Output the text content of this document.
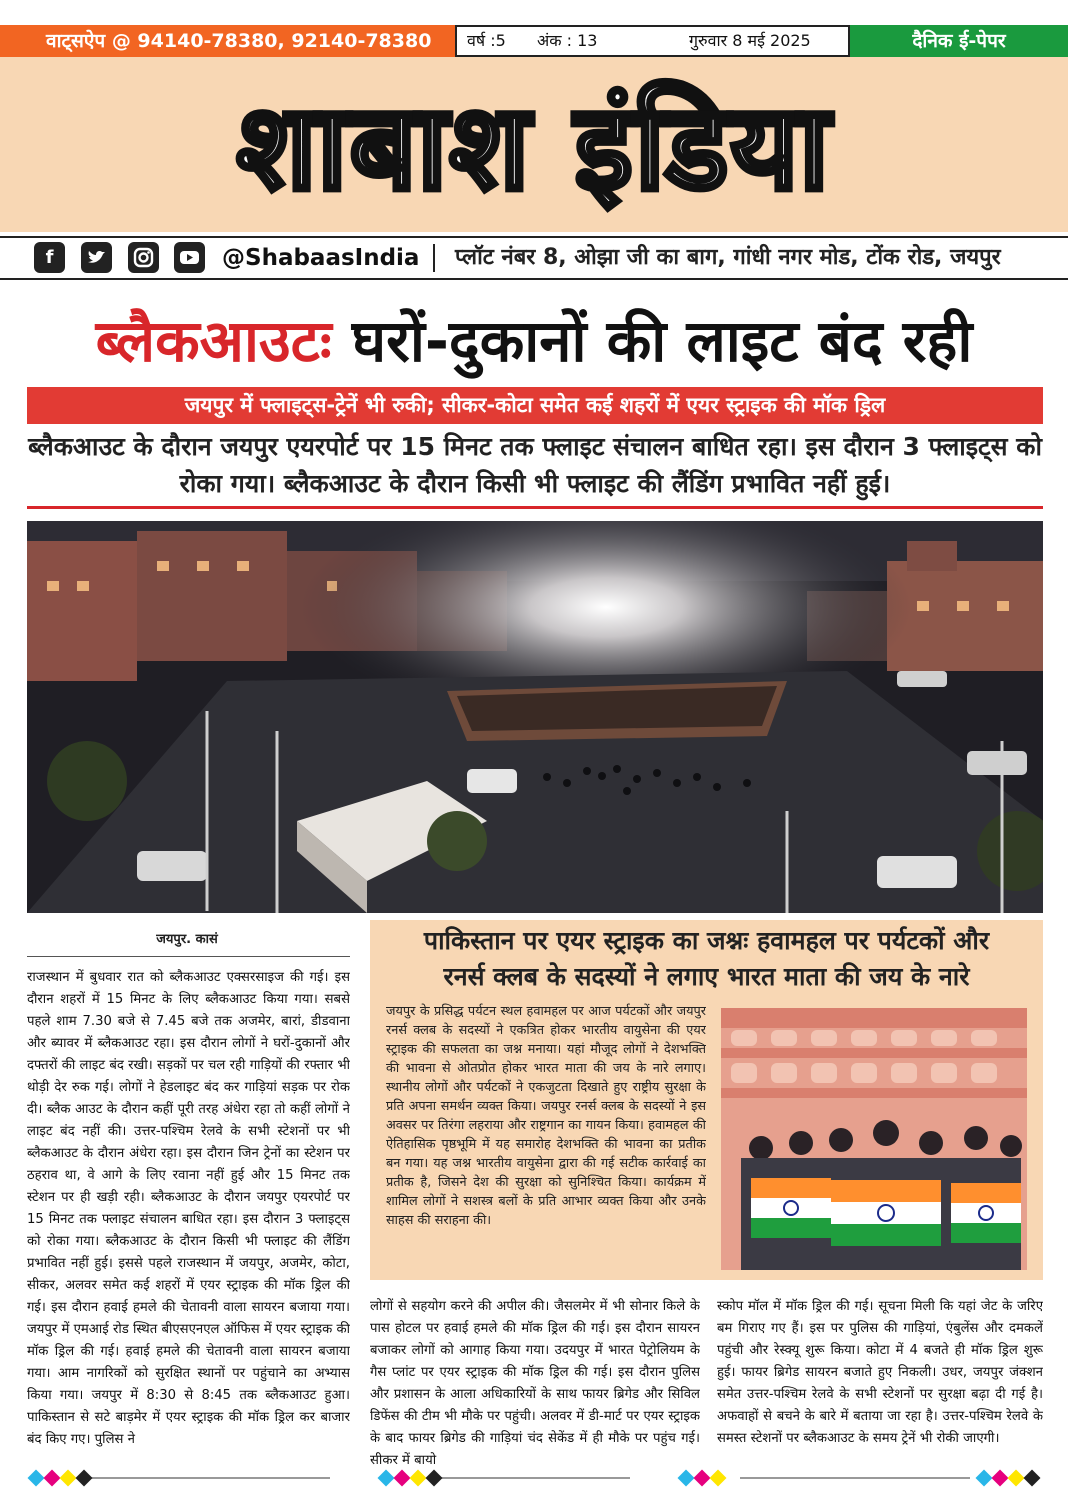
वाट्सऐप @ 94140-78380, 92140-78380	वर्ष :5 अंक : 13	गुरुवार 8 मई 2025	दैनिक ई-पेपर
शाबाश इंडिया
f	@ShabaasIndia प्लॉट नंबर 8, ओझा जी का बाग, गांधी नगर मोड, टोंक रोड, जयपुर
ब्लैकआउटः घरों-दुकानों की लाइट बंद रही
जयपुर में फ्लाइट्स-ट्रेनें भी रुकी; सीकर-कोटा समेत कई शहरों में एयर स्ट्राइक की मॉक ड्रिल
ब्लैकआउट के दौरान जयपुर एयरपोर्ट पर 15 मिनट तक फ्लाइट संचालन बाधित रहा। इस दौरान 3 फ्लाइट्स को रोका गया। ब्लैकआउट के दौरान किसी भी फ्लाइट की लैंडिंग प्रभावित नहीं हुई।
जयपुर. कासं
राजस्थान में बुधवार रात को ब्लैकआउट एक्सरसाइज की गई। इस दौरान शहरों में 15 मिनट के लिए ब्लैकआउट किया गया। सबसे पहले शाम 7.30 बजे से 7.45 बजे तक अजमेर, बारां, डीडवाना और ब्यावर में ब्लैकआउट रहा। इस दौरान लोगों ने घरों-दुकानों और दफ्तरों की लाइट बंद रखी। सड़कों पर चल रही गाड़ियों की रफ्तार भी थोड़ी देर रुक गई। लोगों ने हेडलाइट बंद कर गाड़ियां सड़क पर रोक दी। ब्लैक आउट के दौरान कहीं पूरी तरह अंधेरा रहा तो कहीं लोगों ने लाइट बंद नहीं की। उत्तर-पश्चिम रेलवे के सभी स्टेशनों पर भी ब्लैकआउट के दौरान अंधेरा रहा। इस दौरान जिन ट्रेनों का स्टेशन पर ठहराव था, वे आगे के लिए रवाना नहीं हुई और 15 मिनट तक स्टेशन पर ही खड़ी रही। ब्लैकआउट के दौरान जयपुर एयरपोर्ट पर 15 मिनट तक फ्लाइट संचालन बाधित रहा। इस दौरान 3 फ्लाइट्स को रोका गया। ब्लैकआउट के दौरान किसी भी फ्लाइट की लैंडिंग प्रभावित नहीं हुई। इससे पहले राजस्थान में जयपुर, अजमेर, कोटा, सीकर, अलवर समेत कई शहरों में एयर स्ट्राइक की मॉक ड्रिल की गई। इस दौरान हवाई हमले की चेतावनी वाला सायरन बजाया गया। जयपुर में एमआई रोड स्थित बीएसएनएल ऑफिस में एयर स्ट्राइक की मॉक ड्रिल की गई। हवाई हमले की चेतावनी वाला सायरन बजाया गया। आम नागरिकों को सुरक्षित स्थानों पर पहुंचाने का अभ्यास किया गया। जयपुर में 8:30 से 8:45 तक ब्लैकआउट हुआ। पाकिस्तान से सटे बाड़मेर में एयर स्ट्राइक की मॉक ड्रिल कर बाजार बंद किए गए। पुलिस ने
पाकिस्तान पर एयर स्ट्राइक का जश्नः हवामहल पर पर्यटकों और
रनर्स क्लब के सदस्यों ने लगाए भारत माता की जय के नारे
जयपुर के प्रसिद्ध पर्यटन स्थल हवामहल पर आज पर्यटकों और जयपुर रनर्स क्लब के सदस्यों ने एकत्रित होकर भारतीय वायुसेना की एयर स्ट्राइक की सफलता का जश्न मनाया। यहां मौजूद लोगों ने देशभक्ति की भावना से ओतप्रोत होकर भारत माता की जय के नारे लगाए। स्थानीय लोगों और पर्यटकों ने एकजुटता दिखाते हुए राष्ट्रीय सुरक्षा के प्रति अपना समर्थन व्यक्त किया। जयपुर रनर्स क्लब के सदस्यों ने इस अवसर पर तिरंगा लहराया और राष्ट्रगान का गायन किया। हवामहल की ऐतिहासिक पृष्ठभूमि में यह समारोह देशभक्ति की भावना का प्रतीक बन गया। यह जश्न भारतीय वायुसेना द्वारा की गई सटीक कार्रवाई का प्रतीक है, जिसने देश की सुरक्षा को सुनिश्चित किया। कार्यक्रम में शामिल लोगों ने सशस्त्र बलों के प्रति आभार व्यक्त किया और उनके साहस की सराहना की।
लोगों से सहयोग करने की अपील की। जैसलमेर में भी सोनार किले के पास होटल पर हवाई हमले की मॉक ड्रिल की गई। इस दौरान सायरन बजाकर लोगों को आगाह किया गया। उदयपुर में भारत पेट्रोलियम के गैस प्लांट पर एयर स्ट्राइक की मॉक ड्रिल की गई। इस दौरान पुलिस और प्रशासन के आला अधिकारियों के साथ फायर ब्रिगेड और सिविल डिफेंस की टीम भी मौके पर पहुंची। अलवर में डी-मार्ट पर एयर स्ट्राइक के बाद फायर ब्रिगेड की गाड़ियां चंद सेकेंड में ही मौके पर पहुंच गई। सीकर में बायो
स्कोप मॉल में मॉक ड्रिल की गई। सूचना मिली कि यहां जेट के जरिए बम गिराए गए हैं। इस पर पुलिस की गाड़ियां, एंबुलेंस और दमकलें पहुंची और रेस्क्यू शुरू किया। कोटा में 4 बजते ही मॉक ड्रिल शुरू हुई। फायर ब्रिगेड सायरन बजाते हुए निकली। उधर, जयपुर जंक्शन समेत उत्तर-पश्चिम रेलवे के सभी स्टेशनों पर सुरक्षा बढ़ा दी गई है। अफवाहों से बचने के बारे में बताया जा रहा है। उत्तर-पश्चिम रेलवे के समस्त स्टेशनों पर ब्लैकआउट के समय ट्रेनें भी रोकी जाएगी।
